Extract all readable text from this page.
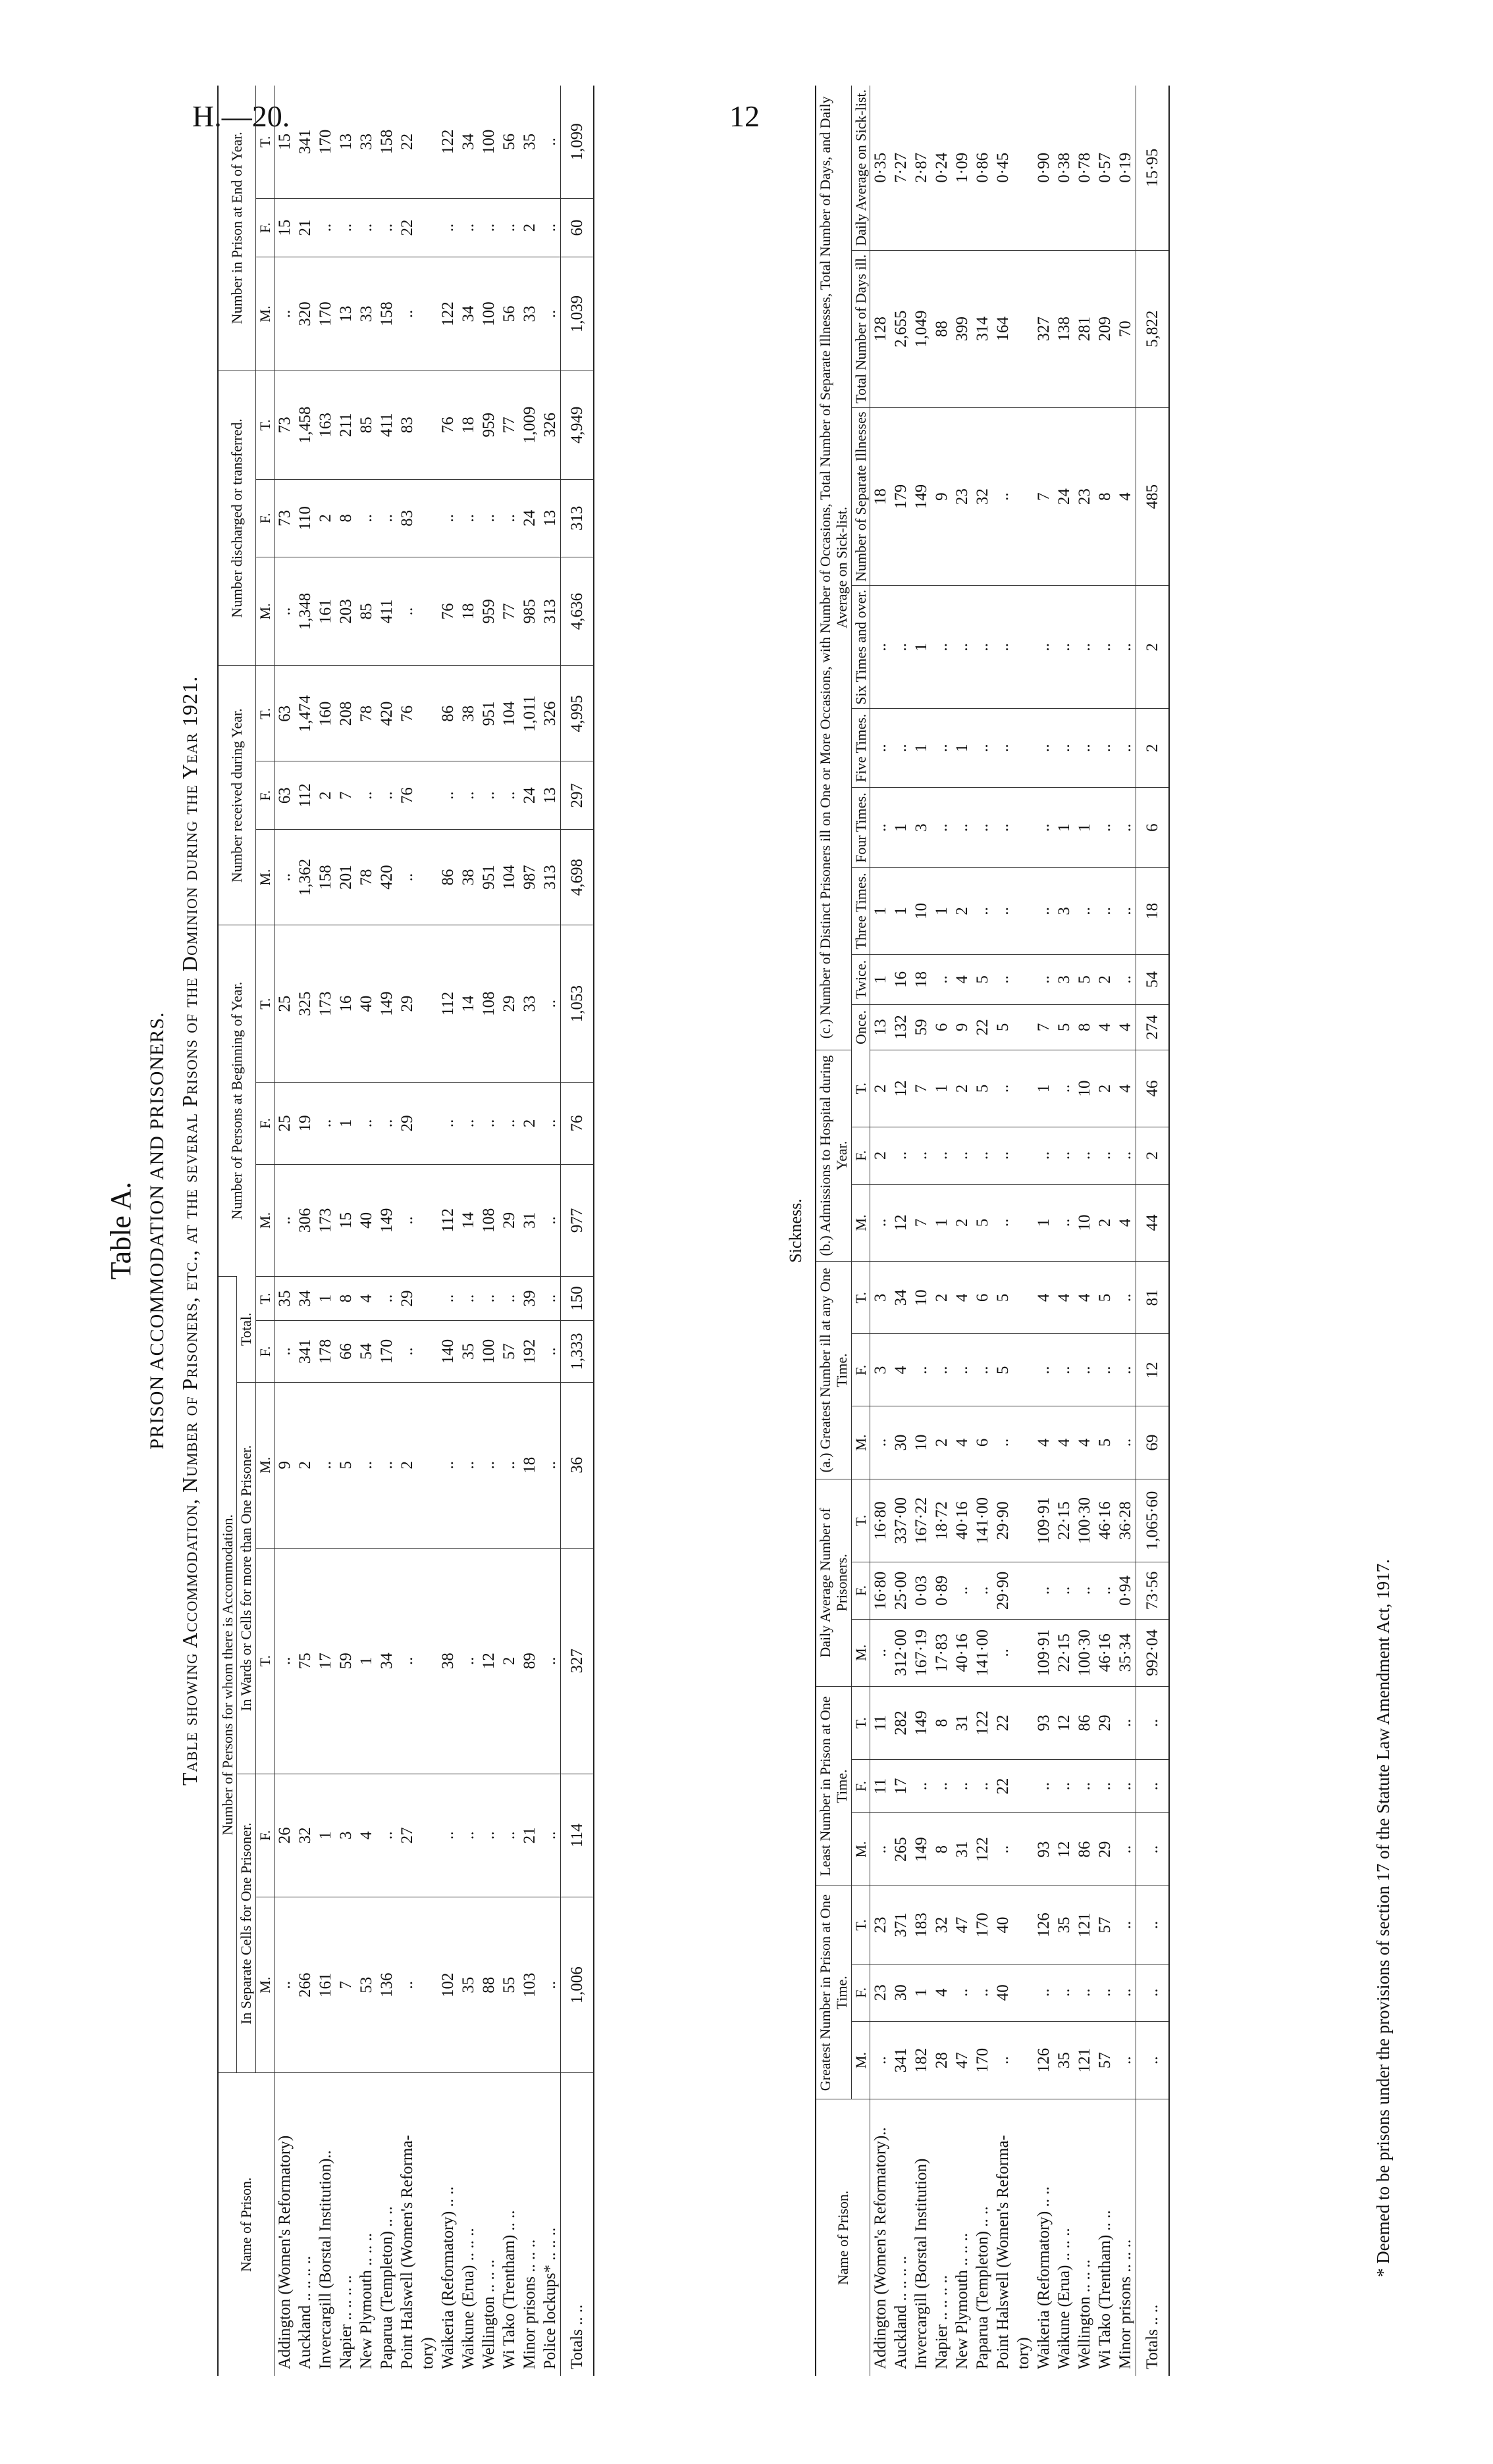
H.—20.	12
Table A. PRISON ACCOMMODATION AND PRISONERS. Table showing Accommodation, Number of Prisoners, etc., at the several Prisons of the Dominion during the Year 1921.
Name of Prison.	Number of Persons for whom there is Accommodation.						Number of Persons at Beginning of Year.			Number received during Year.			Number discharged or transferred.			Number in Prison at End of Year.		
	In Separate Cells for One Prisoner.		In Wards or Cells for more than One Prisoner.		Total.													
	M.	F.	T.	M.	F.	T.	M.	F.	T.	M.	F.	T.	M.	F.	T.	M.	F.	T.
Addington (Women's Reformatory)	..	26	..	9	..	35	..	25	25	..	63	63	..	73	73	..	15	15
Auckland .. .. .. ..	266	32	75	2	341	34	306	19	325	1,362	112	1,474	1,348	110	1,458	320	21	341
Invercargill (Borstal Institution)..	161	1	17	..	178	1	173	..	173	158	2	160	161	2	163	170	..	170
Napier .. .. .. ..	7	3	59	5	66	8	15	1	16	201	7	208	203	8	211	13	..	13
New Plymouth .. .. ..	53	4	1	..	54	4	40	..	40	78	..	78	85	..	85	33	..	33
Paparua (Templeton) .. ..	136	..	34	..	170	..	149	..	149	420	..	420	411	..	411	158	..	158
Point Halswell (Women's Reforma-	..	27	..	2	..	29	..	29	29	..	76	76	..	83	83	..	22	22
tory)																		
Waikeria (Reformatory) .. ..	102	..	38	..	140	..	112	..	112	86	..	86	76	..	76	122	..	122
Waikune (Erua) .. .. ..	35	..	..	..	35	..	14	..	14	38	..	38	18	..	18	34	..	34
Wellington .. .. ..	88	..	12	..	100	..	108	..	108	951	..	951	959	..	959	100	..	100
Wi Tako (Trentham) .. ..	55	..	2	..	57	..	29	..	29	104	..	104	77	..	77	56	..	56
Minor prisons .. .. ..	103	21	89	18	192	39	31	2	33	987	24	1,011	985	24	1,009	33	2	35
Police lockups* .. .. ..	..	..	..	..	..	..	..	..	..	313	13	326	313	13	326	..	..	..
Totals .. ..	1,006	114	327	36	1,333	150	977	76	1,053	4,698	297	4,995	4,636	313	4,949	1,039	60	1,099
Sickness.
Name of Prison.	Greatest Number in Prison at One Time.			Least Number in Prison at One Time.			Daily Average Number of Prisoners.			(a.) Greatest Number ill at any One Time.			(b.) Admissions to Hospital during Year.			(c.) Number of Distinct Prisoners ill on One or More Occasions, with Number of Occasions, Total Number of Separate Illnesses, Total Number of Days, and Daily Average on Sick-list.								
																Once.	Twice.	Three Times.	Four Times.	Five Times.	Six Times and over.	Number of Separate Illnesses	Total Number of Days ill.	Daily Average on Sick-list.
	M.	F.	T.	M.	F.	T.	M.	F.	T.	M.	F.	T.	M.	F.	T.									
Addington (Women's Reformatory)..	..	23	23	..	11	11	..	16·80	16·80	..	3	3	..	2	2	13	1	1	..	..	..	18	128	0·35
Auckland .. .. .. ..	341	30	371	265	17	282	312·00	25·00	337·00	30	4	34	12	..	12	132	16	1	1	..	..	179	2,655	7·27
Invercargill (Borstal Institution)	182	1	183	149	..	149	167·19	0·03	167·22	10	..	10	7	..	7	59	18	10	3	1	1	149	1,049	2·87
Napier .. .. .. ..	28	4	32	8	..	8	17·83	0·89	18·72	2	..	2	1	..	1	6	..	1	..	..	..	9	88	0·24
New Plymouth .. .. ..	47	..	47	31	..	31	40·16	..	40·16	4	..	4	2	..	2	9	4	2	..	1	..	23	399	1·09
Paparua (Templeton) .. ..	170	..	170	122	..	122	141·00	..	141·00	6	..	6	5	..	5	22	5	..	..	..	..	32	314	0·86
Point Halswell (Women's Reforma-	..	40	40	..	22	22	..	29·90	29·90	..	5	5	..	..	..	5	..	..	..	..	..	..	164	0·45
tory)																								
Waikeria (Reformatory) .. ..	126	..	126	93	..	93	109·91	..	109·91	4	..	4	1	..	1	7	..	..	..	..	..	7	327	0·90
Waikune (Erua) .. .. ..	35	..	35	12	..	12	22·15	..	22·15	4	..	4	..	..	..	5	3	3	1	..	..	24	138	0·38
Wellington .. .. ..	121	..	121	86	..	86	100·30	..	100·30	4	..	4	10	..	10	8	5	..	1	..	..	23	281	0·78
Wi Tako (Trentham) .. ..	57	..	57	29	..	29	46·16	..	46·16	5	..	5	2	..	2	4	2	..	..	..	..	8	209	0·57
Minor prisons .. .. ..	..	..	..	..	..	..	35·34	0·94	36·28	..	..	..	4	..	4	4	..	..	..	..	..	4	70	0·19
Totals .. ..	..	..	..	..	..	..	992·04	73·56	1,065·60	69	12	81	44	2	46	274	54	18	6	2	2	485	5,822	15·95
* Deemed to be prisons under the provisions of section 17 of the Statute Law Amendment Act, 1917.
